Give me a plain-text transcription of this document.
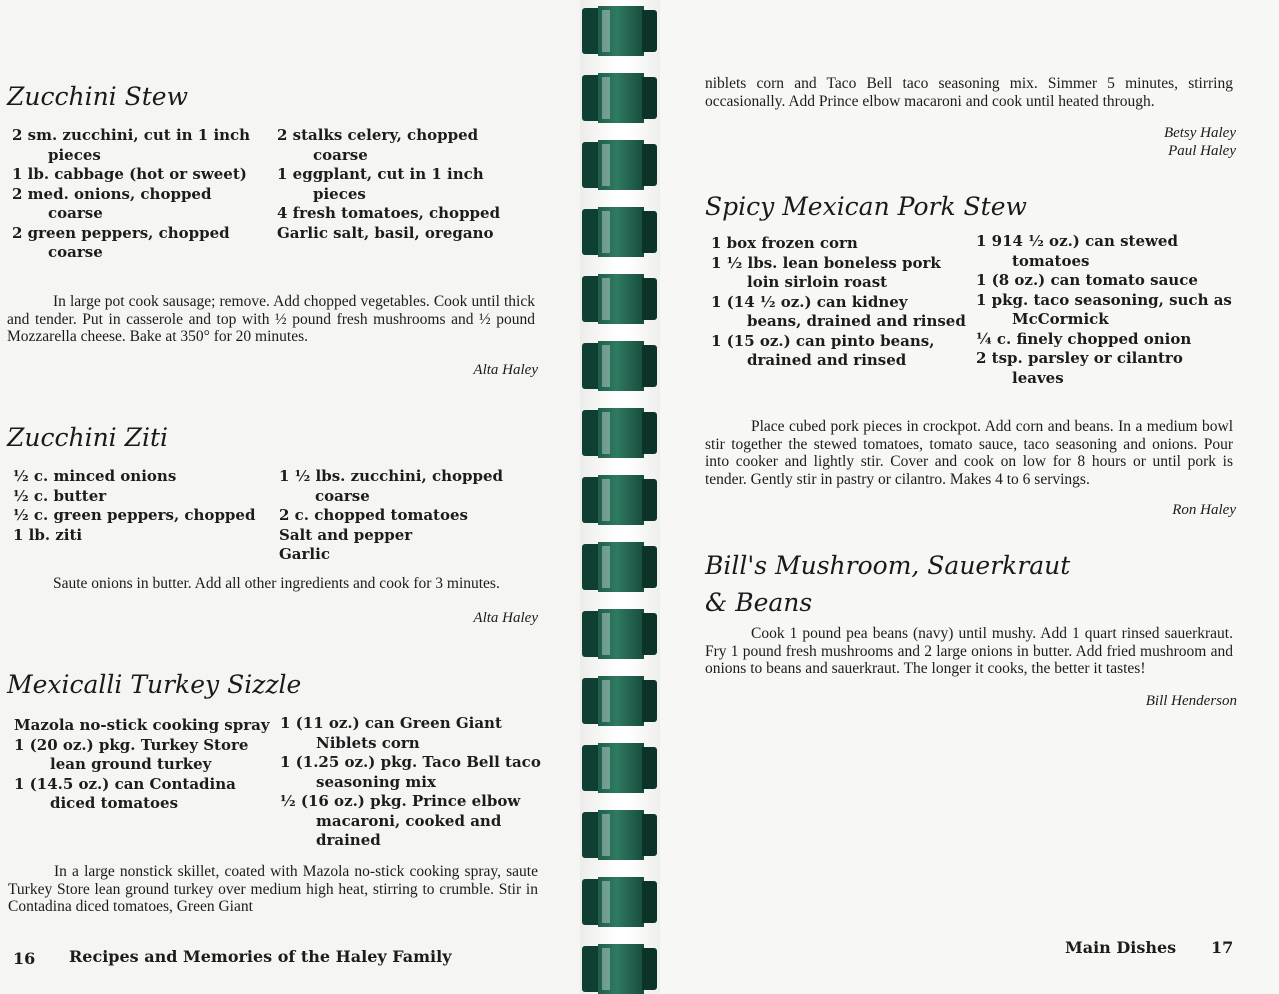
Zucchini Stew
2 sm. zucchini, cut in 1 inch pieces
1 lb. cabbage (hot or sweet)
2 med. onions, chopped coarse
2 green peppers, chopped coarse
2 stalks celery, chopped coarse
1 eggplant, cut in 1 inch pieces
4 fresh tomatoes, chopped
Garlic salt, basil, oregano

In large pot cook sausage; remove. Add chopped vegetables. Cook until thick and tender. Put in casserole and top with ½ pound fresh mushrooms and ½ pound Mozzarella cheese. Bake at 350° for 20 minutes.

Alta Haley

Zucchini Ziti
½ c. minced onions
½ c. butter
½ c. green peppers, chopped
1 lb. ziti
1 ½ lbs. zucchini, chopped coarse
2 c. chopped tomatoes
Salt and pepper
Garlic

Saute onions in butter. Add all other ingredients and cook for 3 minutes.

Alta Haley

Mexicalli Turkey Sizzle
Mazola no-stick cooking spray
1 (20 oz.) pkg. Turkey Store lean ground turkey
1 (14.5 oz.) can Contadina diced tomatoes
1 (11 oz.) can Green Giant Niblets corn
1 (1.25 oz.) pkg. Taco Bell taco seasoning mix
½ (16 oz.) pkg. Prince elbow macaroni, cooked and drained

In a large nonstick skillet, coated with Mazola no-stick cooking spray, saute Turkey Store lean ground turkey over medium high heat, stirring to crumble. Stir in Contadina diced tomatoes, Green Giant

16 Recipes and Memories of the Haley Family

niblets corn and Taco Bell taco seasoning mix. Simmer 5 minutes, stirring occasionally. Add Prince elbow macaroni and cook until heated through.

Betsy Haley

Paul Haley

Spicy Mexican Pork Stew
1 box frozen corn
1 ½ lbs. lean boneless pork loin sirloin roast
1 (14 ½ oz.) can kidney beans, drained and rinsed
1 (15 oz.) can pinto beans, drained and rinsed
1 914 ½ oz.) can stewed tomatoes
1 (8 oz.) can tomato sauce
1 pkg. taco seasoning, such as McCormick
¼ c. finely chopped onion
2 tsp. parsley or cilantro leaves

Place cubed pork pieces in crockpot. Add corn and beans. In a medium bowl stir together the stewed tomatoes, tomato sauce, taco seasoning and onions. Pour into cooker and lightly stir. Cover and cook on low for 8 hours or until pork is tender. Gently stir in pastry or cilantro. Makes 4 to 6 servings.

Ron Haley

Bill's Mushroom, Sauerkraut
& Beans

Cook 1 pound pea beans (navy) until mushy. Add 1 quart rinsed sauerkraut. Fry 1 pound fresh mushrooms and 2 large onions in butter. Add fried mushroom and onions to beans and sauerkraut. The longer it cooks, the better it tastes!

Bill Henderson

Main Dishes 17
